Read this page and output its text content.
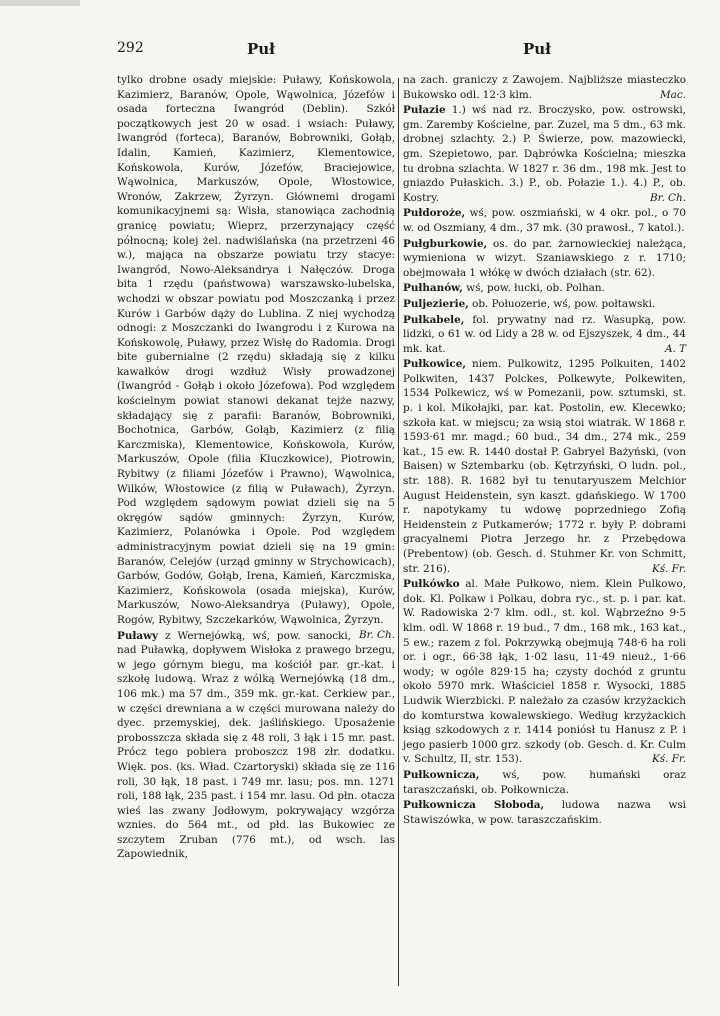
292	Puł	Puł

tylko drobne osady miejskie: Puławy, Końskowola, Kazimierz, Baranów, Opole, Wąwolnica, Józefów i osada forteczna Iwangród (Deblin). Szkół początkowych jest 20 w osad. i wsiach: Puławy, Iwangród (forteca), Baranów, Bobrowniki, Gołąb, Idalin, Kamień, Kazimierz, Klementowice, Końskowola, Kurów, Józefów, Braciejowice, Wąwolnica, Markuszów, Opole, Włostowice, Wronów, Zakrzew, Żyrzyn. Głównemi drogami komunikacyjnemi są: Wisła, stanowiąca zachodnią granicę powiatu; Wieprz, przerzynający część północną; kolej żel. nadwiślańska (na przetrzeni 46 w.), mająca na obszarze powiatu trzy stacye: Iwangród, Nowo-Aleksandrya i Nałęczów. Droga bita 1 rzędu (państwowa) warszawsko-lubelska, wchodzi w obszar powiatu pod Moszczanką i przez Kurów i Garbów dąży do Lublina. Z niej wychodzą odnogi: z Moszczanki do Iwangrodu i z Kurowa na Końskowolę, Puławy, przez Wisłę do Radomia. Drogi bite gubernialne (2 rzędu) składają się z kilku kawałków drogi wzdłuż Wisły prowadzonej (Iwangród - Gołąb i około Józefowa). Pod względem kościelnym powiat stanowi dekanat tejże nazwy, składający się z parafii: Baranów, Bobrowniki, Bochotnica, Garbów, Gołąb, Kazimierz (z filią Karczmiska), Klementowice, Końskowola, Kurów, Markuszów, Opole (filia Kluczkowice), Piotrowin, Rybitwy (z filiami Józefów i Prawno), Wąwolnica, Wilków, Włostowice (z filią w Puławach), Żyrzyn. Pod względem sądowym powiat dzieli się na 5 okręgów sądów gminnych: Żyrzyn, Kurów, Kazimierz, Polanówka i Opole. Pod względem administracyjnym powiat dzieli się na 19 gmin: Baranów, Celejów (urząd gminny w Strychowicach), Garbów, Godów, Gołąb, Irena, Kamień, Karczmiska, Kazimierz, Końskowola (osada miejska), Kurów, Markuszów, Nowo-Aleksandrya (Puławy), Opole, Rogów, Rybitwy, Szczekarków, Wąwolnica, Żyrzyn.
Br. Ch.

Puławy z Wernejówką, wś, pow. sanocki, nad Puławką, dopływem Wisłoka z prawego brzegu, w jego górnym biegu, ma kościół par. gr.-kat. i szkołę ludową. Wraz z wólką Wernejówką (18 dm., 106 mk.) ma 57 dm., 359 mk. gr.-kat. Cerkiew par., w części drewniana a w części murowana należy do dyec. przemyskiej, dek. jaślińskiego. Uposażenie probosszcza składa się z 48 roli, 3 łąk i 15 mr. past. Prócz tego pobiera proboszcz 198 złr. dodatku. Więk. pos. (ks. Wład. Czartoryski) składa się ze 116 roli, 30 łąk, 18 past. i 749 mr. lasu; pos. mn. 1271 roli, 188 łąk, 235 past. i 154 mr. lasu. Od płn. otacza wieś las zwany Jodłowym, pokrywający wzgórza wznies. do 564 mt., od płd. las Bukowiec ze szczytem Zruban (776 mt.), od wsch. las Zapowiednik,

na zach. graniczy z Zawojem. Najbliższe miasteczko Bukowsko odl. 12·3 klm.	Mac.

Pułazie 1.) wś nad rz. Broczysko, pow. ostrowski, gm. Zaremby Kościelne, par. Zuzel, ma 5 dm., 63 mk. drobnej szlachty. 2.) P. Świerze, pow. mazowiecki, gm. Szepietowo, par. Dąbrówka Kościelna; mieszka tu drobna szlachta. W 1827 r. 36 dm., 198 mk. Jest to gniazdo Pułaskich. 3.) P., ob. Połazie 1.). 4.) P., ob. Kostry.	Br. Ch.

Pułdoroże, wś, pow. oszmiański, w 4 okr. pol., o 70 w. od Oszmiany, 4 dm., 37 mk. (30 prawosł., 7 katol.).

Pułgburkowie, os. do par. żarnowieckiej należąca, wymieniona w wizyt. Szaniawskiego z r. 1710; obejmowała 1 włókę w dwóch działach (str. 62).

Pułhanów, wś, pow. łucki, ob. Polhan.

Puljezierie, ob. Połuozerie, wś, pow. połtawski.

Pułkabele, fol. prywatny nad rz. Wasupką, pow. lidzki, o 61 w. od Lidy a 28 w. od Ejszyszek, 4 dm., 44 mk. kat.	A. T

Pułkowice, niem. Pulkowitz, 1295 Polkuiten, 1402 Polkwiten, 1437 Polckes, Polkewyte, Polkewiten, 1534 Polkewicz, wś w Pomezanii, pow. sztumski, st. p. i kol. Mikołajki, par. kat. Postolin, ew. Klecewko; szkoła kat. w miejscu; za wsią stoi wiatrak. W 1868 r. 1593·61 mr. magd.; 60 bud., 34 dm., 274 mk., 259 kat., 15 ew. R. 1440 dostał P. Gabryel Bażyński, (von Baisen) w Sztembarku (ob. Kętrzyński, O ludn. pol., str. 188). R. 1682 był tu tenutaryuszem Melchior August Heidenstein, syn kaszt. gdańskiego. W 1700 r. napotykamy tu wdowę poprzedniego Zofią Heidenstein z Putkamerów; 1772 r. były P. dobrami gracyalnemi Piotra Jerzego hr. z Przebędowa (Prebentow) (ob. Gesch. d. Stuhmer Kr. von Schmitt, str. 216).	Kś. Fr.

Pułkówko al. Małe Pułkowo, niem. Klein Pulkowo, dok. Kl. Polkaw i Polkau, dobra ryc., st. p. i par. kat. W. Radowiska 2·7 klm. odl., st. kol. Wąbrzeźno 9·5 klm. odl. W 1868 r. 19 bud., 7 dm., 168 mk., 163 kat., 5 ew.; razem z fol. Pokrzywką obejmują 748·6 ha roli or. i ogr., 66·38 łąk, 1·02 lasu, 11·49 nieuż., 1·66 wody; w ogóle 829·15 ha; czysty dochód z gruntu około 5970 mrk. Właściciel 1858 r. Wysocki, 1885 Ludwik Wierzbicki. P. należało za czasów krzyżackich do komturstwa kowalewskiego. Według krzyżackich ksiąg szkodowych z r. 1414 poniósł tu Hanusz z P. i jego pasierb 1000 grz. szkody (ob. Gesch. d. Kr. Culm v. Schultz, II, str. 153).	Kś. Fr.

Pułkownicza, wś, pow. humański oraz taraszczański, ob. Połkownicza.

Pułkownicza Słoboda, ludowa nazwa wsi Stawiszówka, w pow. taraszczańskim.
